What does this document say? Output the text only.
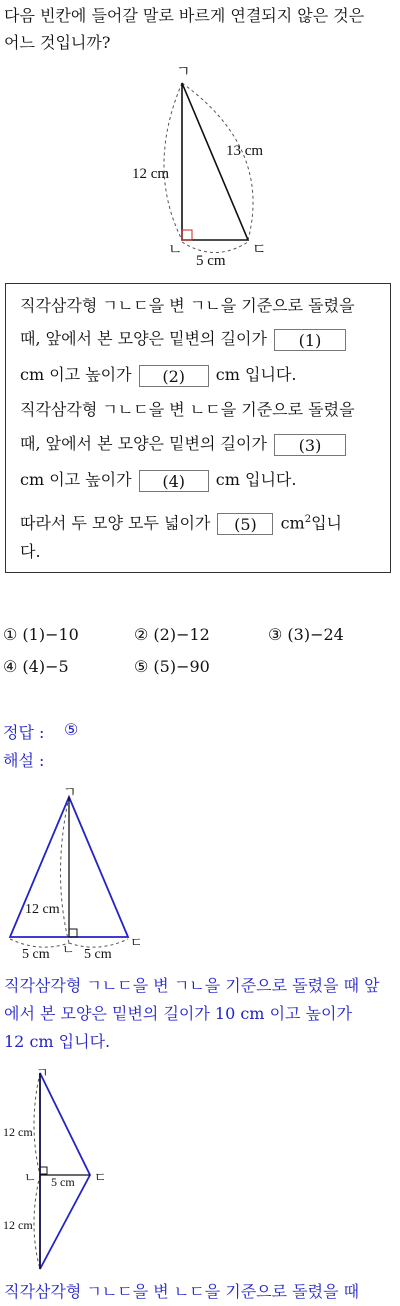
다음 빈칸에 들어갈 말로 바르게 연결되지 않은 것은
어느 것입니까?
ㄱ
ㄴ	ㄷ
12 cm
13 cm
5 cm
직각삼각형 ㄱㄴㄷ을 변 ㄱㄴ을 기준으로 돌렸을
때, 앞에서 본 모양은 밑변의 길이가 (1)
cm 이고 높이가 (2) cm 입니다.
직각삼각형 ㄱㄴㄷ을 변 ㄴㄷ을 기준으로 돌렸을
때, 앞에서 본 모양은 밑변의 길이가 (3)
cm 이고 높이가 (4) cm 입니다.
따라서 두 모양 모두 넓이가 (5) $cm^2$입니
다.
① (1)−10	② (2)−12	③ (3)−24
④ (4)−5	⑤ (5)−90
정답 : ⑤
해설 :
ㄱ
12 cm
ㄴ	ㄷ
5 cm 5 cm
직각삼각형 ㄱㄴㄷ을 변 ㄱㄴ을 기준으로 돌렸을 때 앞
에서 본 모양은 밑변의 길이가 10 cm 이고 높이가
12 cm 입니다.
ㄱ
ㄴ	ㄷ
12 cm
12 cm
5 cm
직각삼각형 ㄱㄴㄷ을 변 ㄴㄷ을 기준으로 돌렸을 때
